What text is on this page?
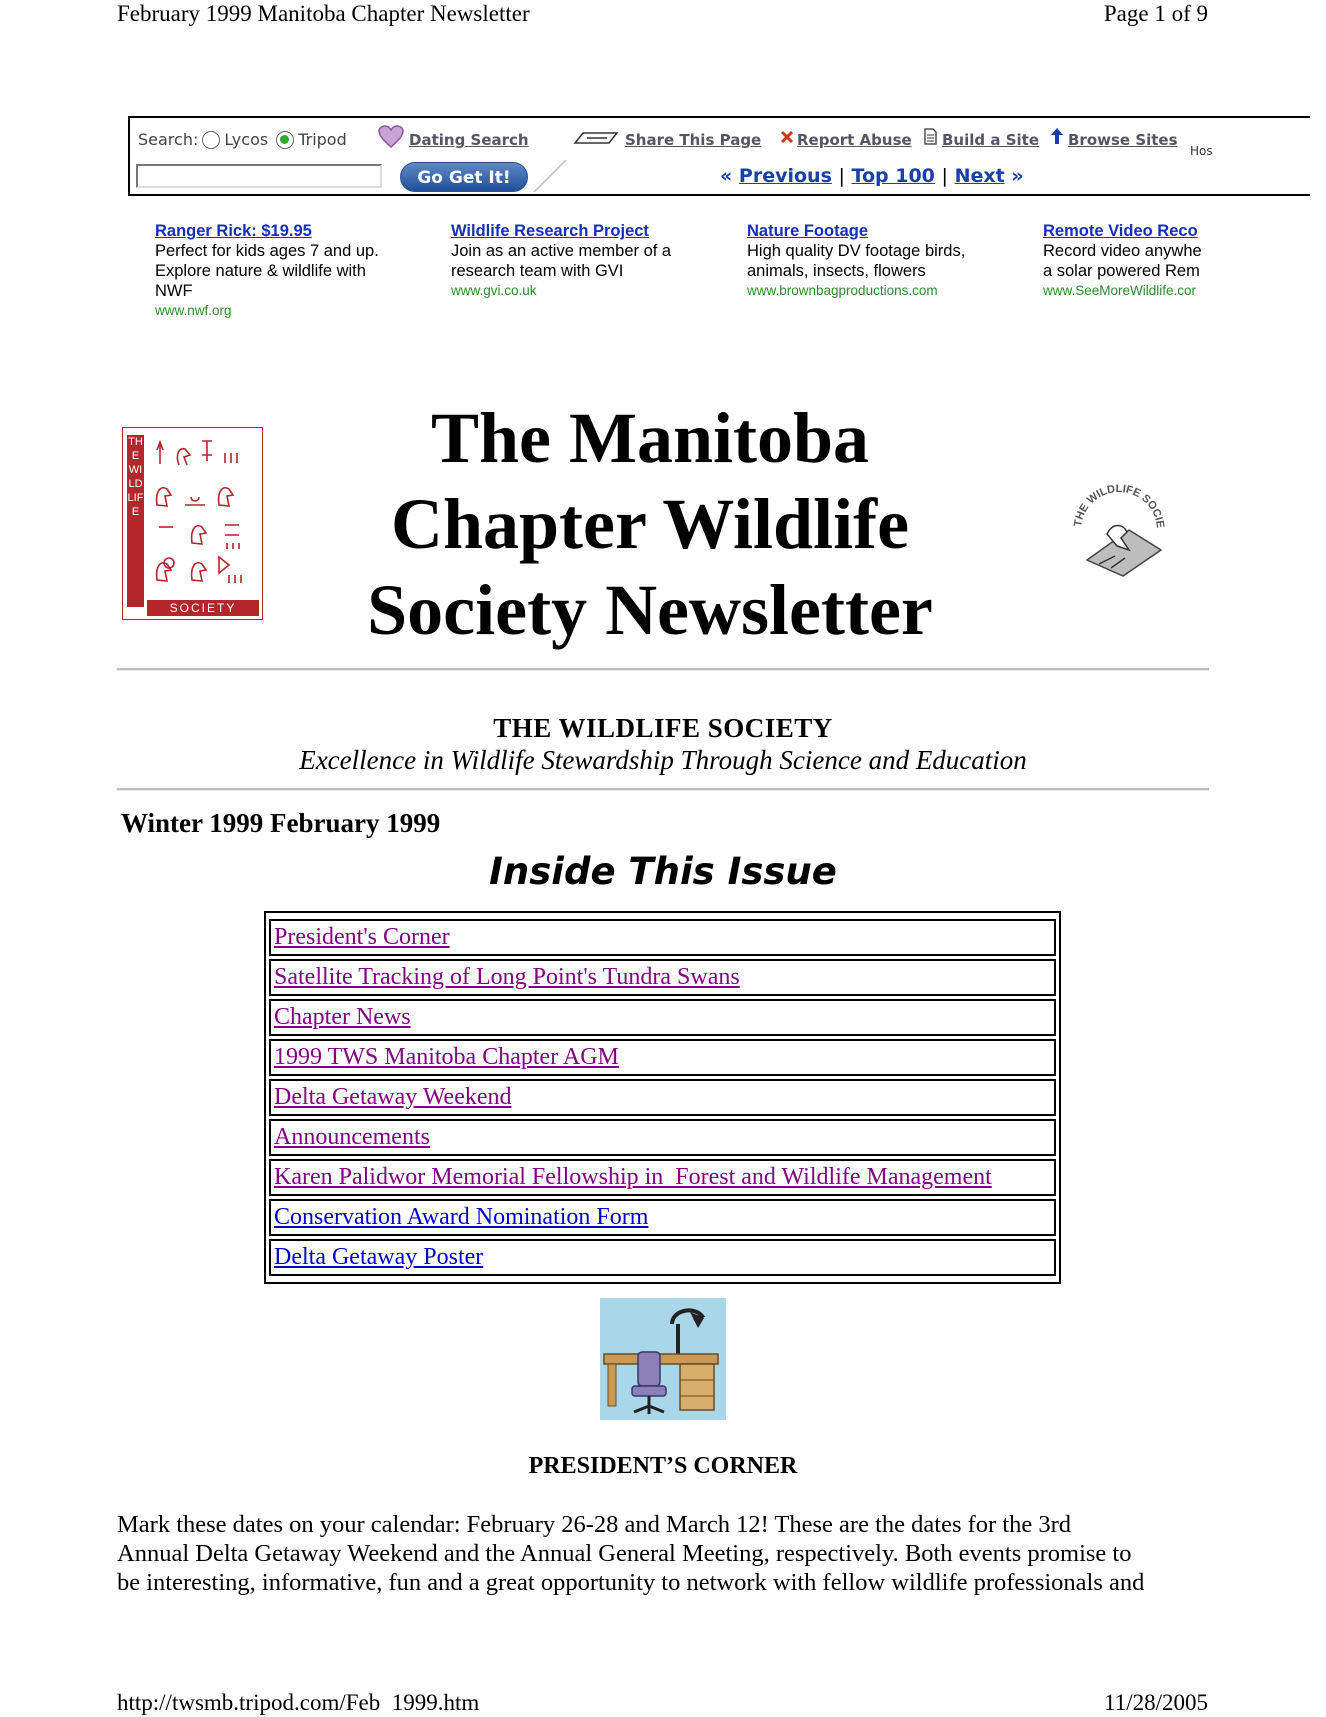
February 1999 Manitoba Chapter Newsletter	Page 1 of 9
Search: Lycos Tripod
Go Get It!
Dating Search	Share This Page Report Abuse Build a Site Browse Sites
Hos
« Previous | Top 100 | Next »
Ranger Rick: $19.95
Perfect for kids ages 7 and up. Explore nature & wildlife with NWF
www.nwf.org
Wildlife Research Project
Join as an active member of a research team with GVI
www.gvi.co.uk
Nature Footage
High quality DV footage birds, animals, insects, flowers
www.brownbagproductions.com
Remote Video Reco
Record video anywhe a solar powered Rem
www.SeeMoreWildlife.cor
THE WILDLIFE
SOCIETY
The Manitoba
Chapter Wildlife
Society Newsletter
THE WILDLIFE SOCIE
THE WILDLIFE SOCIETY
Excellence in Wildlife Stewardship Through Science and Education
Winter 1999 February 1999
Inside This Issue
President's Corner
Satellite Tracking of Long Point's Tundra Swans
Chapter News
1999 TWS Manitoba Chapter AGM
Delta Getaway Weekend
Announcements
Karen Palidwor Memorial Fellowship in  Forest and Wildlife Management
Conservation Award Nomination Form
Delta Getaway Poster
PRESIDENT’S CORNER
Mark these dates on your calendar: February 26-28 and March 12! These are the dates for the 3rd
Annual Delta Getaway Weekend and the Annual General Meeting, respectively. Both events promise to
be interesting, informative, fun and a great opportunity to network with fellow wildlife professionals and
http://twsmb.tripod.com/Feb  1999.htm	11/28/2005
